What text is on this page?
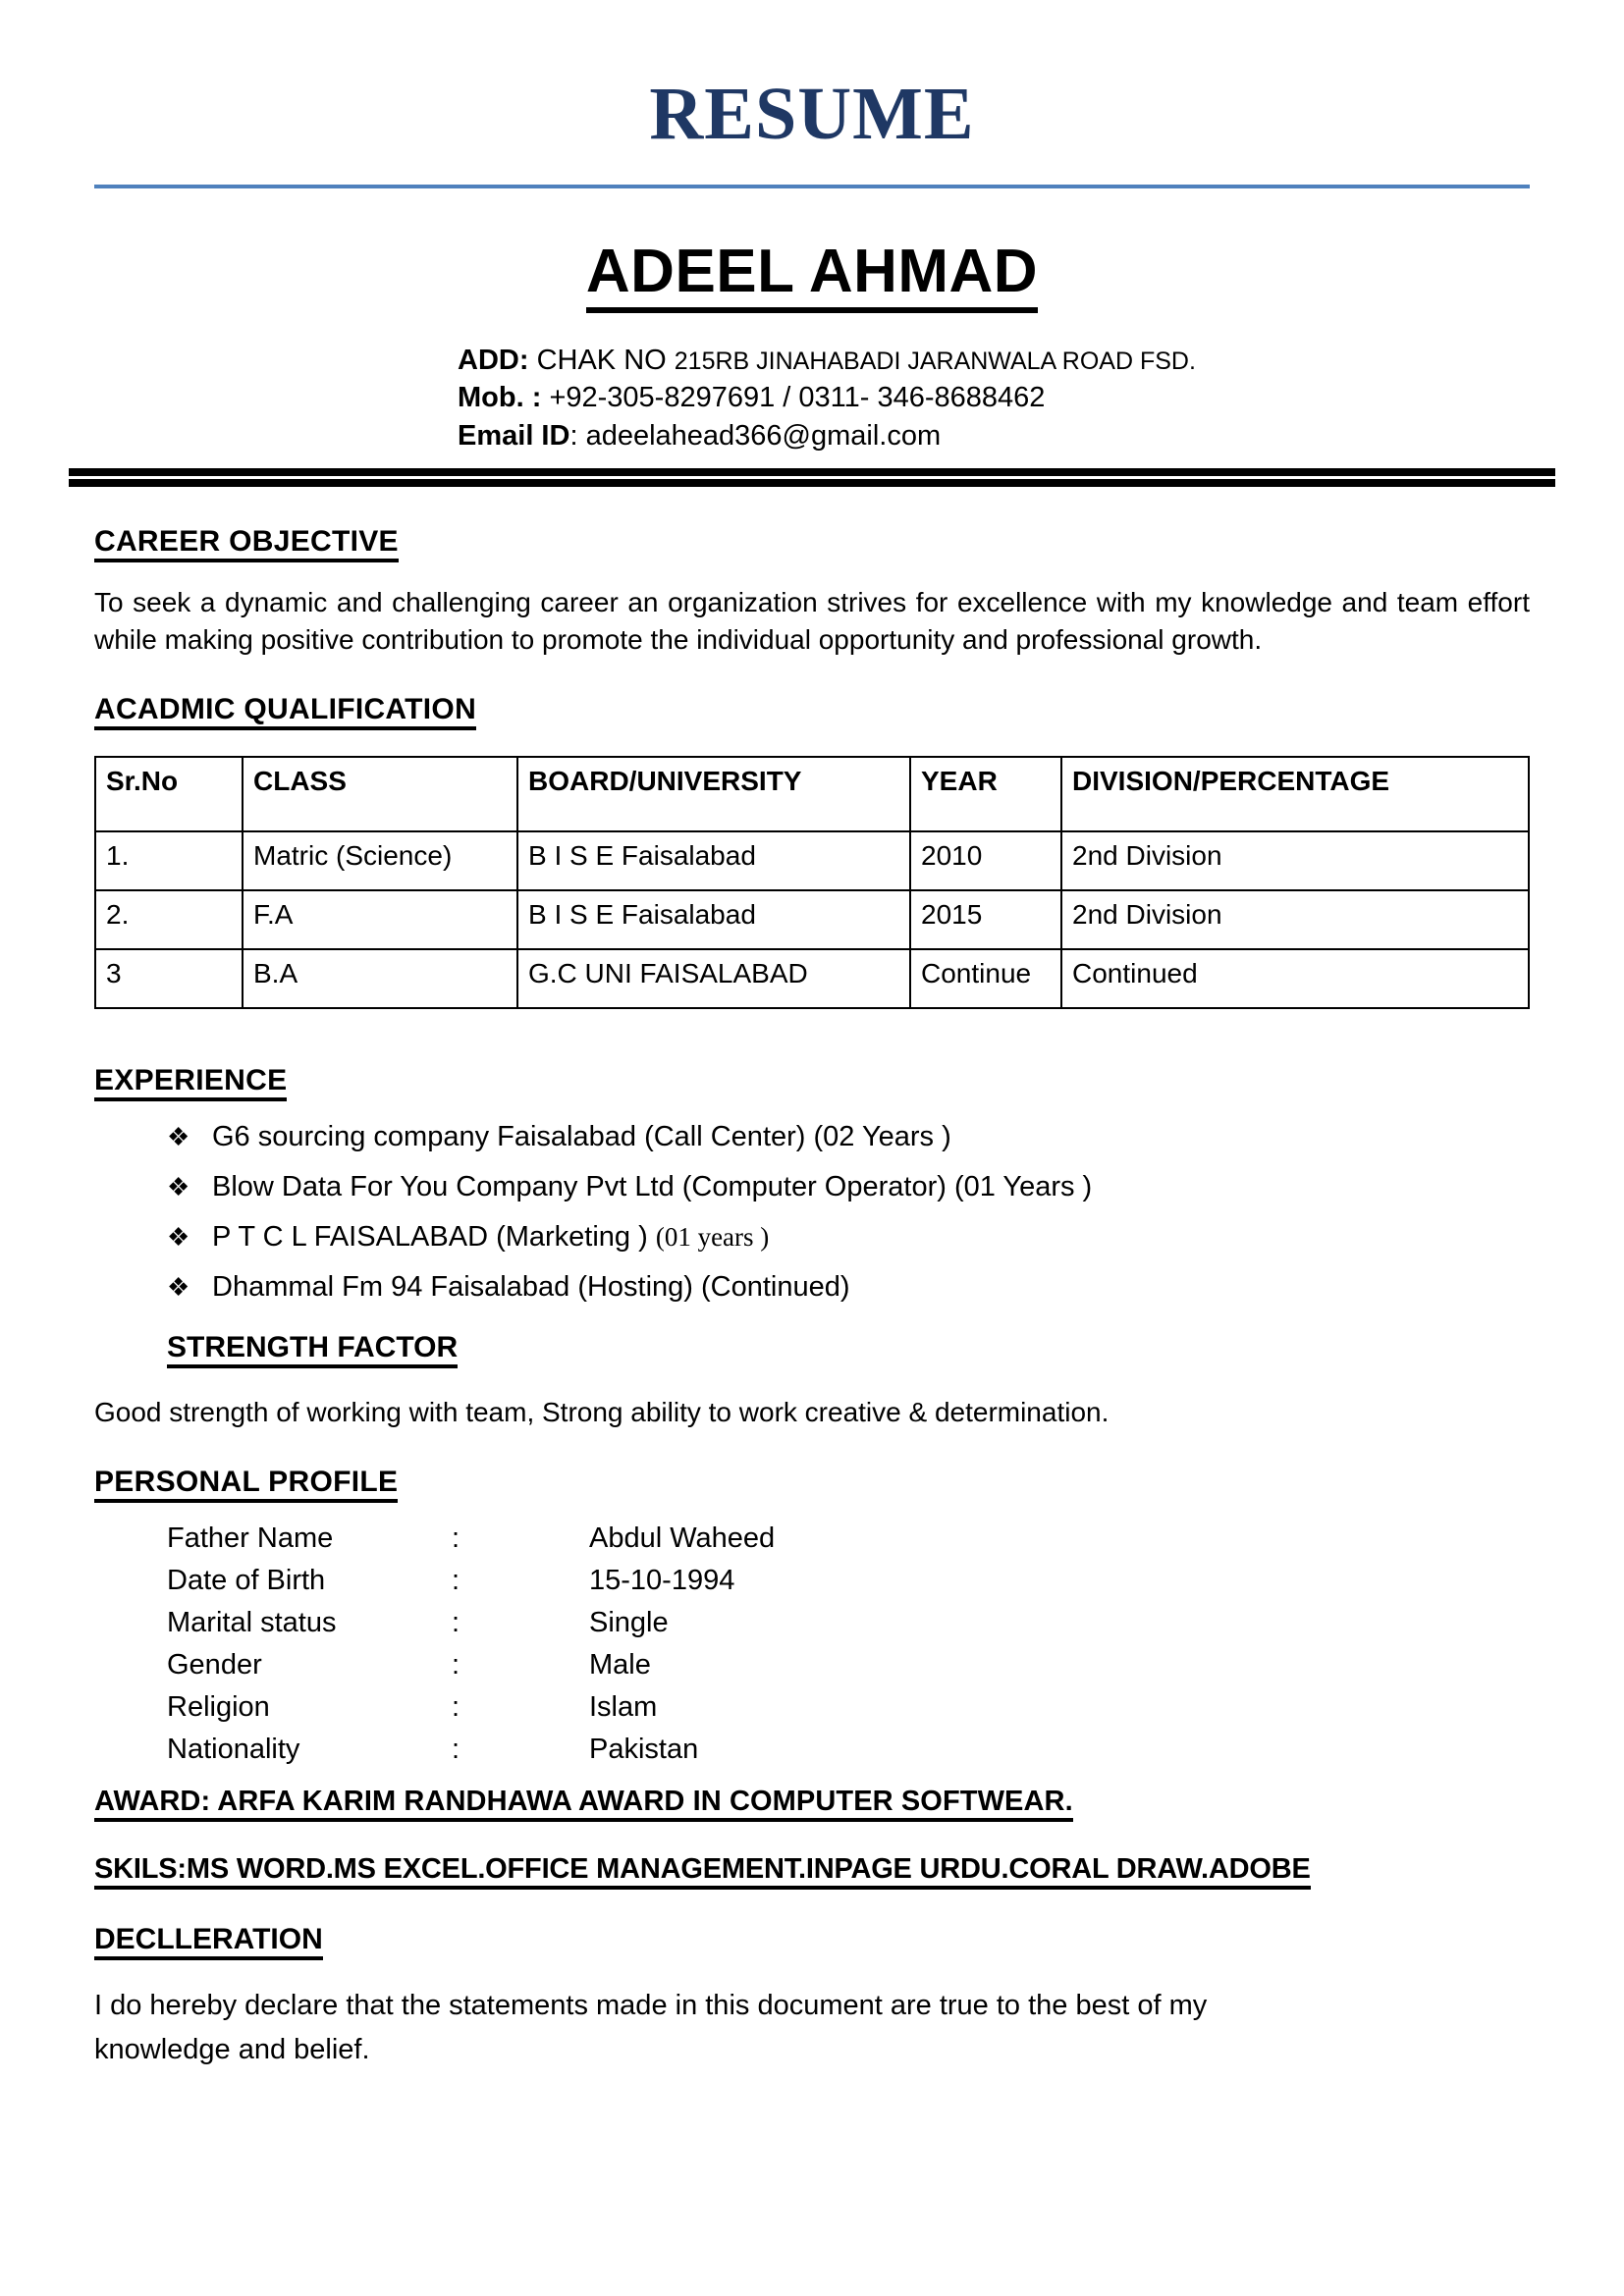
RESUME
ADEEL AHMAD
ADD: CHAK NO 215RB JINAHABADI JARANWALA ROAD FSD.
Mob. : +92-305-8297691 / 0311- 346-8688462
Email ID: adeelahead366@gmail.com
CAREER OBJECTIVE
To seek a dynamic and challenging career an organization strives for excellence with my knowledge and team effort while making positive contribution to promote the individual opportunity and professional growth.
ACADMIC QUALIFICATION
Sr.No	CLASS	BOARD/UNIVERSITY	YEAR	DIVISION/PERCENTAGE
1.	Matric (Science)	B I S E Faisalabad	2010	2nd Division
2.	F.A	B I S E Faisalabad	2015	2nd Division
3	B.A	G.C UNI FAISALABAD	Continue	Continued
EXPERIENCE
❖ G6 sourcing company Faisalabad (Call Center) (02 Years )
❖ Blow Data For You Company Pvt Ltd (Computer Operator) (01 Years )
❖ P T C L FAISALABAD (Marketing ) (01 years )
❖ Dhammal Fm 94 Faisalabad (Hosting) (Continued)
STRENGTH FACTOR
Good strength of working with team, Strong ability to work creative & determination.
PERSONAL PROFILE
Father Name	:	Abdul Waheed
Date of Birth	:	15-10-1994
Marital status	:	Single
Gender	:	Male
Religion	:	Islam
Nationality	:	Pakistan
AWARD: ARFA KARIM RANDHAWA AWARD IN COMPUTER SOFTWEAR.
SKILS:MS WORD.MS EXCEL.OFFICE MANAGEMENT.INPAGE URDU.CORAL DRAW.ADOBE
DECLLERATION
I do hereby declare that the statements made in this document are true to the best of my knowledge and belief.
